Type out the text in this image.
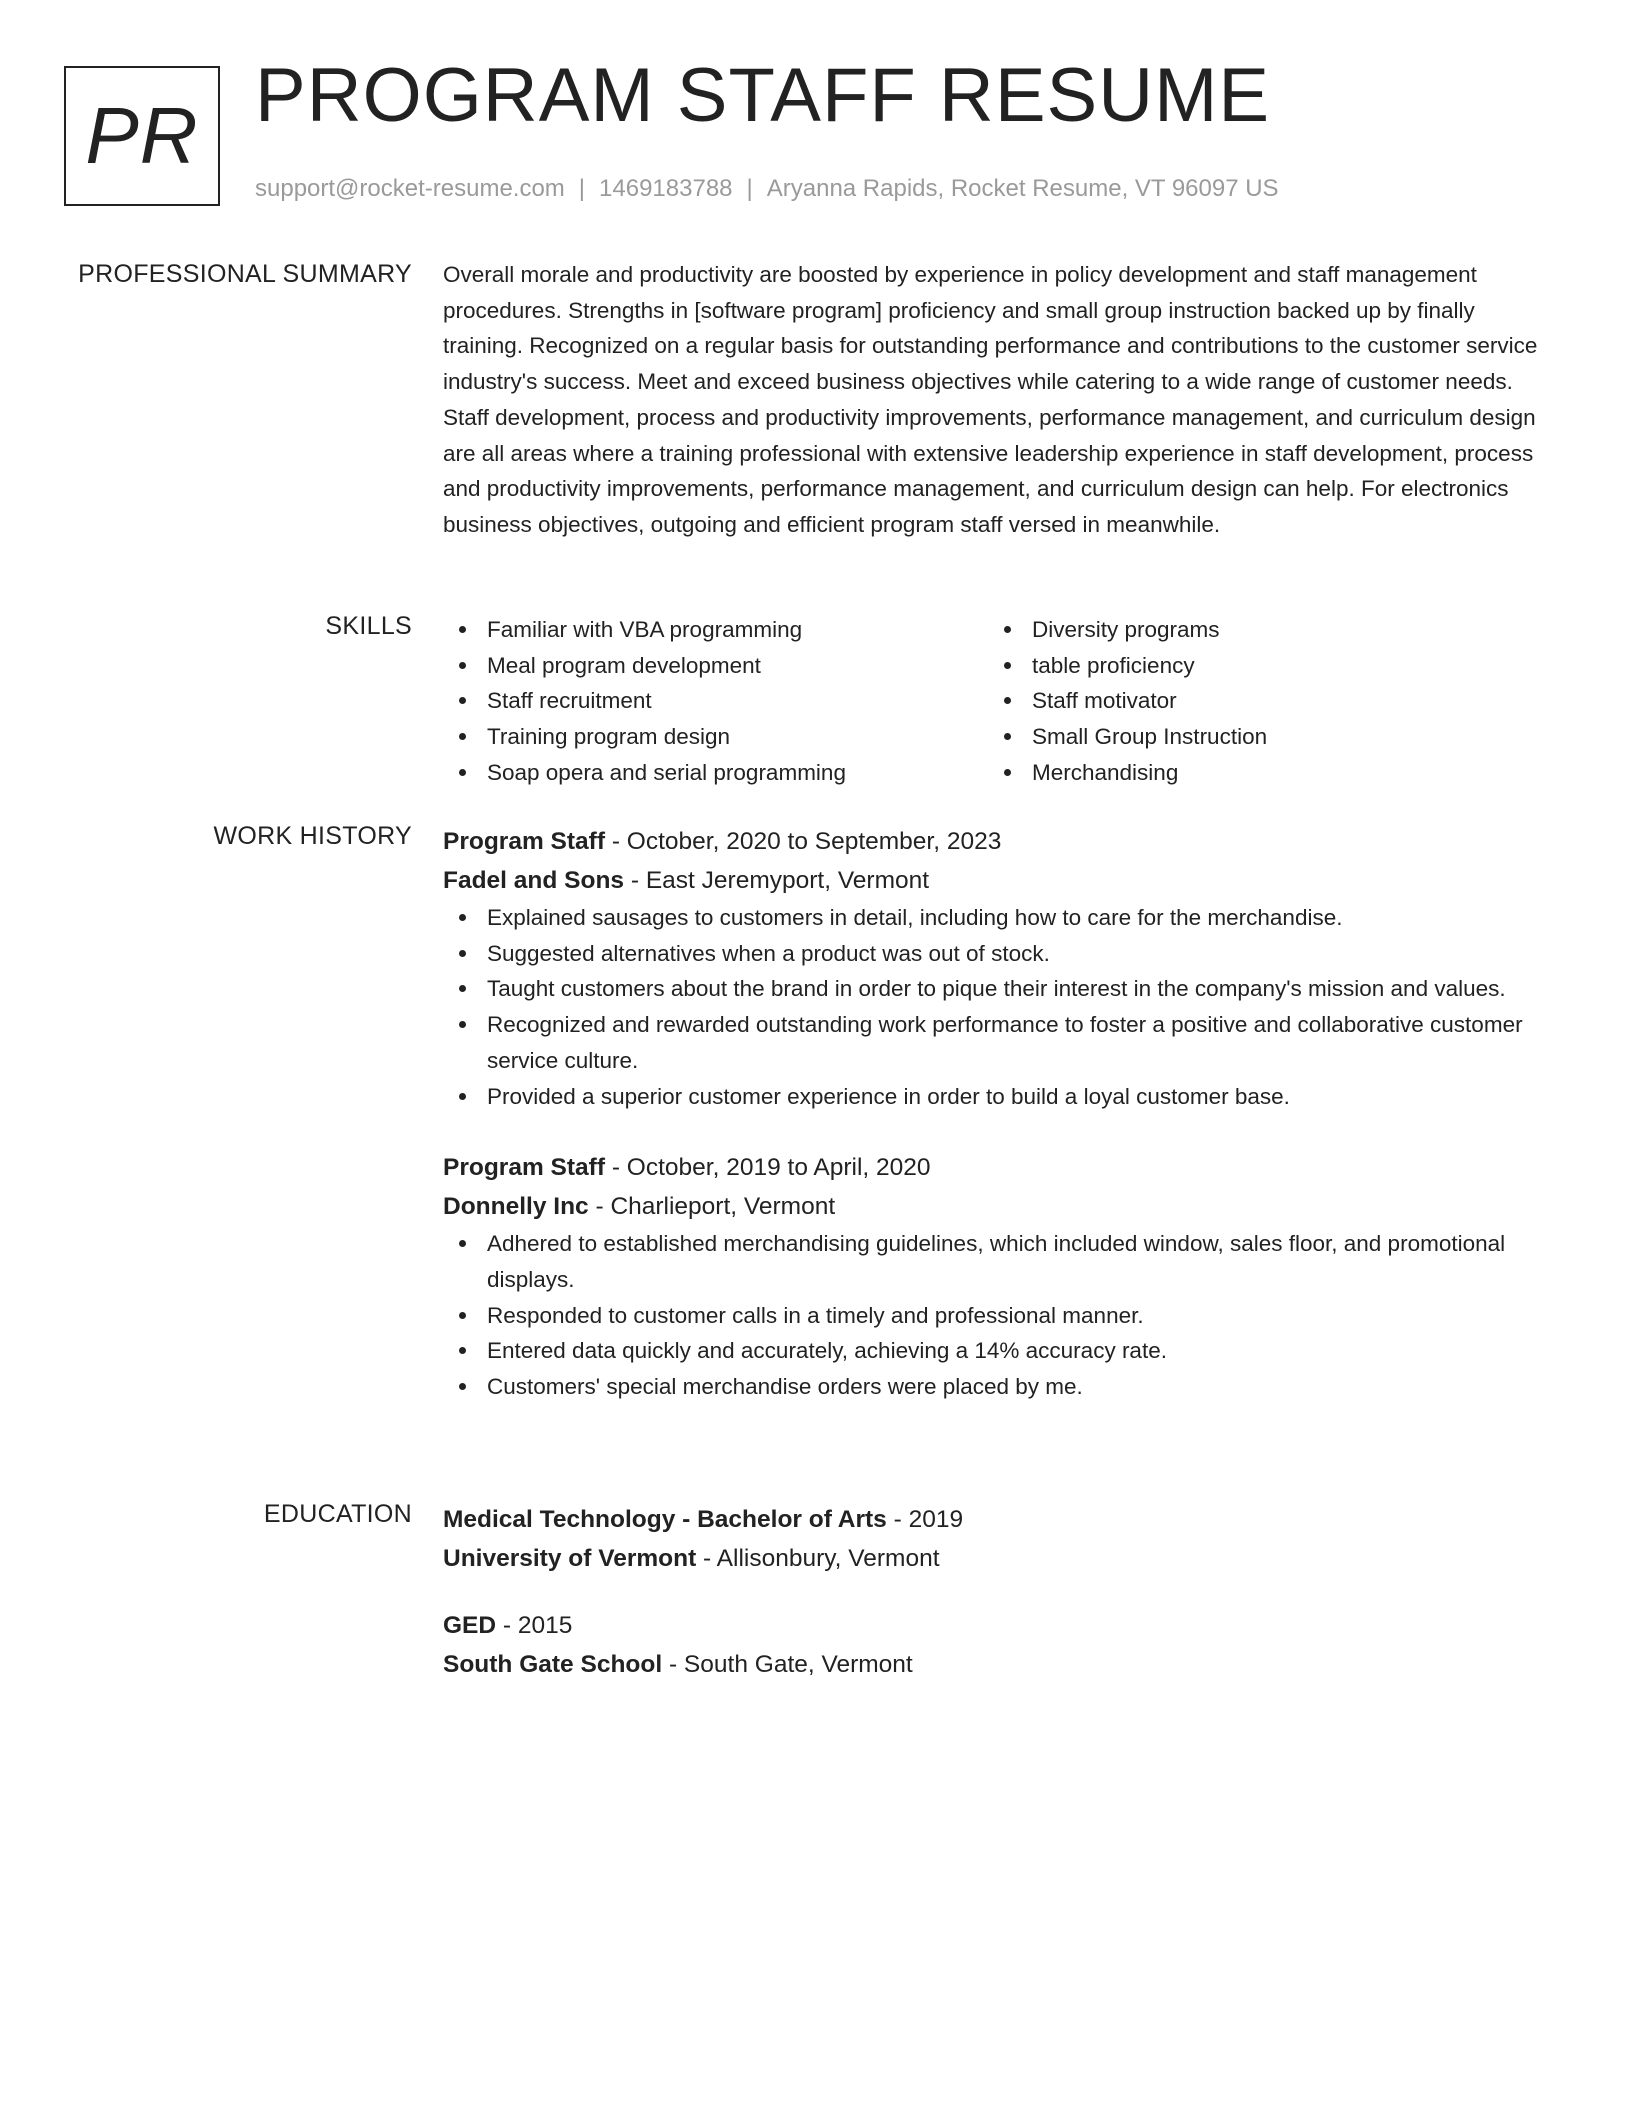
PR PROGRAM STAFF RESUME
support@rocket-resume.com | 1469183788 | Aryanna Rapids, Rocket Resume, VT 96097 US
PROFESSIONAL SUMMARY Overall morale and productivity are boosted by experience in policy development and staff management procedures. Strengths in [software program] proficiency and small group instruction backed up by finally training. Recognized on a regular basis for outstanding performance and contributions to the customer service industry's success. Meet and exceed business objectives while catering to a wide range of customer needs. Staff development, process and productivity improvements, performance management, and curriculum design are all areas where a training professional with extensive leadership experience in staff development, process and productivity improvements, performance management, and curriculum design can help. For electronics business objectives, outgoing and efficient program staff versed in meanwhile.

SKILLS	Familiar with VBA programming
Meal program development
Staff recruitment
Training program design
Soap opera and serial programming
Diversity programs
table proficiency
Staff motivator
Small Group Instruction
Merchandising
WORK HISTORY Program Staff - October, 2020 to September, 2023
Fadel and Sons - East Jeremyport, Vermont
Explained sausages to customers in detail, including how to care for the merchandise.
Suggested alternatives when a product was out of stock.
Taught customers about the brand in order to pique their interest in the company's mission and values.
Recognized and rewarded outstanding work performance to foster a positive and collaborative customer service culture.
Provided a superior customer experience in order to build a loyal customer base.
Program Staff - October, 2019 to April, 2020
Donnelly Inc - Charlieport, Vermont
Adhered to established merchandising guidelines, which included window, sales floor, and promotional displays.
Responded to customer calls in a timely and professional manner.
Entered data quickly and accurately, achieving a 14% accuracy rate.
Customers' special merchandise orders were placed by me.
EDUCATION Medical Technology - Bachelor of Arts - 2019
University of Vermont - Allisonbury, Vermont
GED - 2015
South Gate School - South Gate, Vermont
